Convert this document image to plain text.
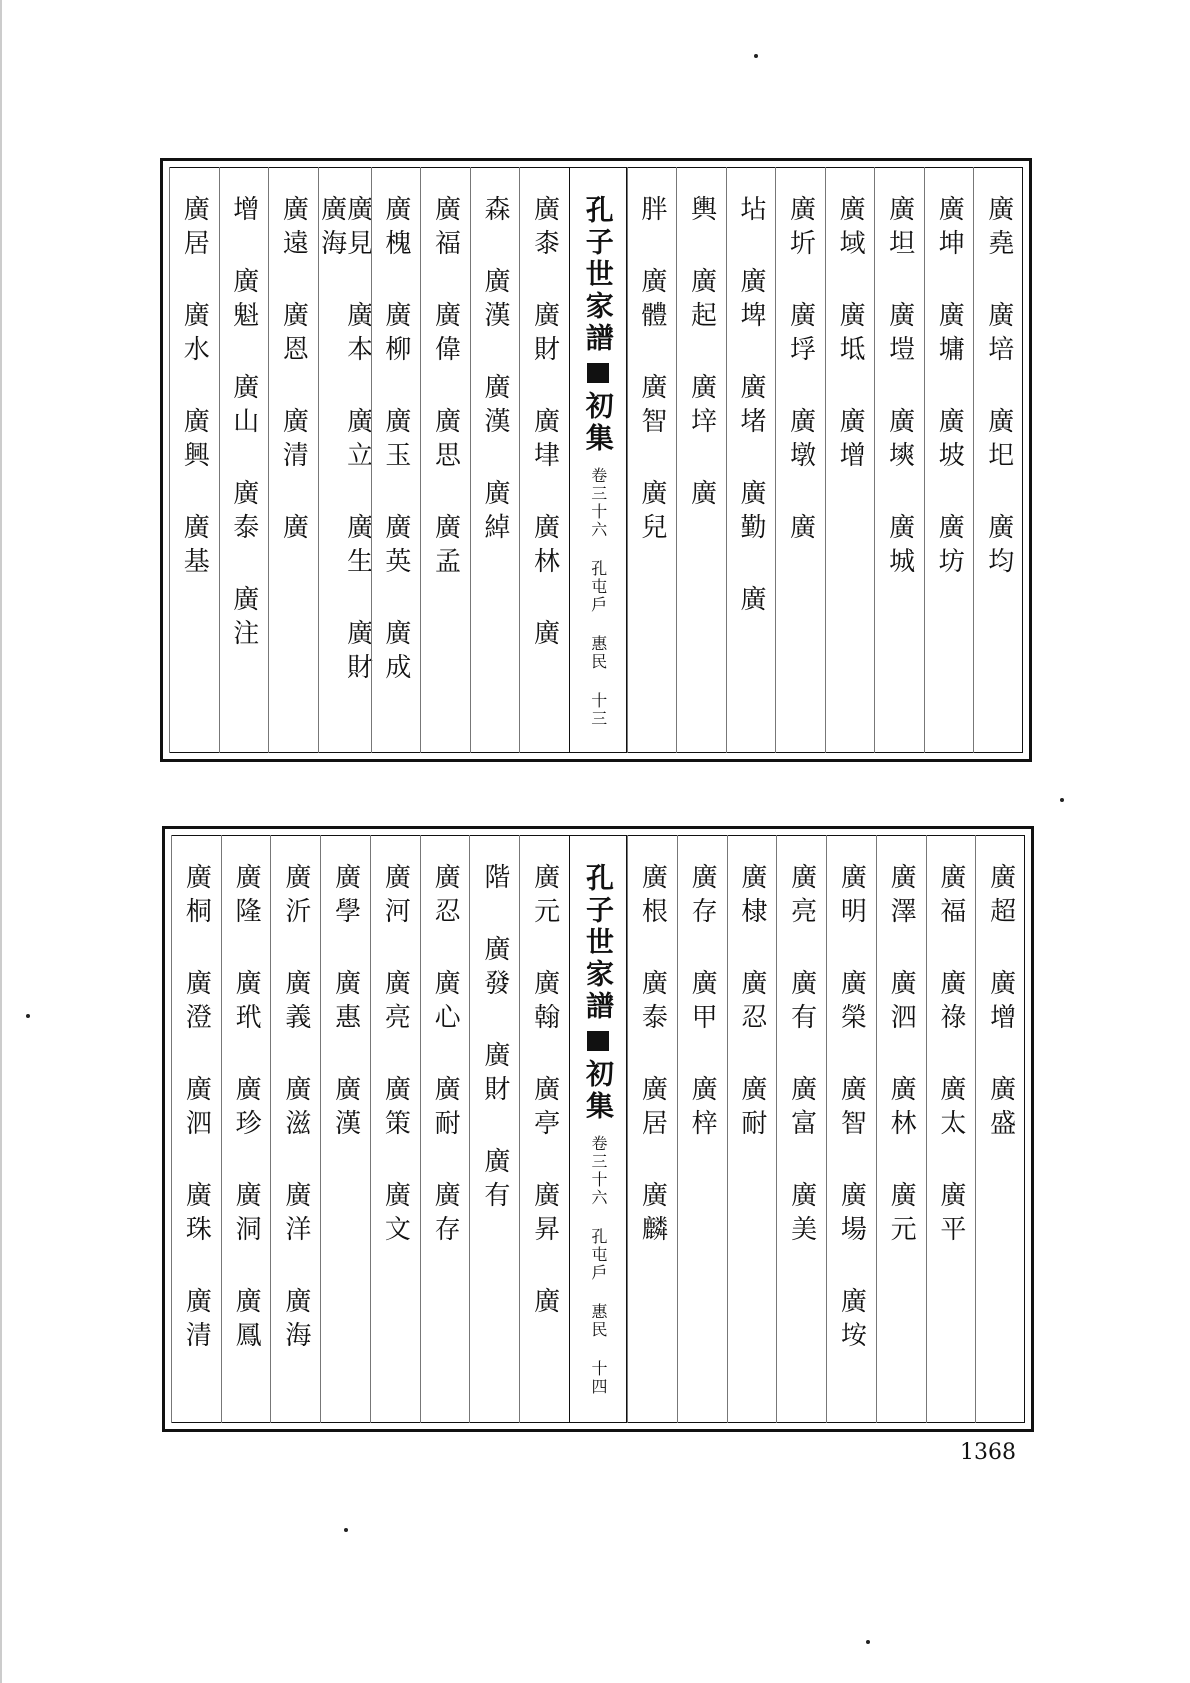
廣堯 廣培 廣圯 廣均
廣坤 廣墉 廣坡 廣坊
廣坦 廣塏 廣塽 廣城
廣域 廣坻 廣增
廣圻 廣垺 廣墩 廣
坫 廣埤 廣堵 廣勤 廣
輿 廣起 廣垶 廣
胖 廣體 廣智 廣兒
孔子世家譜
初集
卷三十六 孔屯戶 惠民 十三
廣桼 廣財 廣垏 廣林 廣
森 廣漢 廣漢 廣綽
廣福 廣偉 廣思 廣孟
廣槐 廣柳 廣玉 廣英 廣成
廣見 廣本 廣立 廣生 廣財 廣海
廣遠 廣恩 廣清 廣
增 廣魁 廣山 廣泰 廣注
廣居 廣水 廣興 廣基
廣超 廣增 廣盛
廣福 廣祿 廣太 廣平
廣澤 廣泗 廣林 廣元
廣明 廣榮 廣智 廣場 廣垵
廣亮 廣有 廣富 廣美
廣棣 廣忍 廣耐
廣存 廣甲 廣梓
廣根 廣泰 廣居 廣麟
孔子世家譜
初集
卷三十六 孔屯戶 惠民 十四
廣元 廣翰 廣亭 廣昇 廣
階 廣發 廣財 廣有
廣忍 廣心 廣耐 廣存
廣河 廣亮 廣策 廣文
廣學 廣惠 廣漢
廣沂 廣義 廣滋 廣洋 廣海
廣隆 廣玳 廣珍 廣洞 廣鳳
廣桐 廣澄 廣泗 廣珠 廣清
1368
